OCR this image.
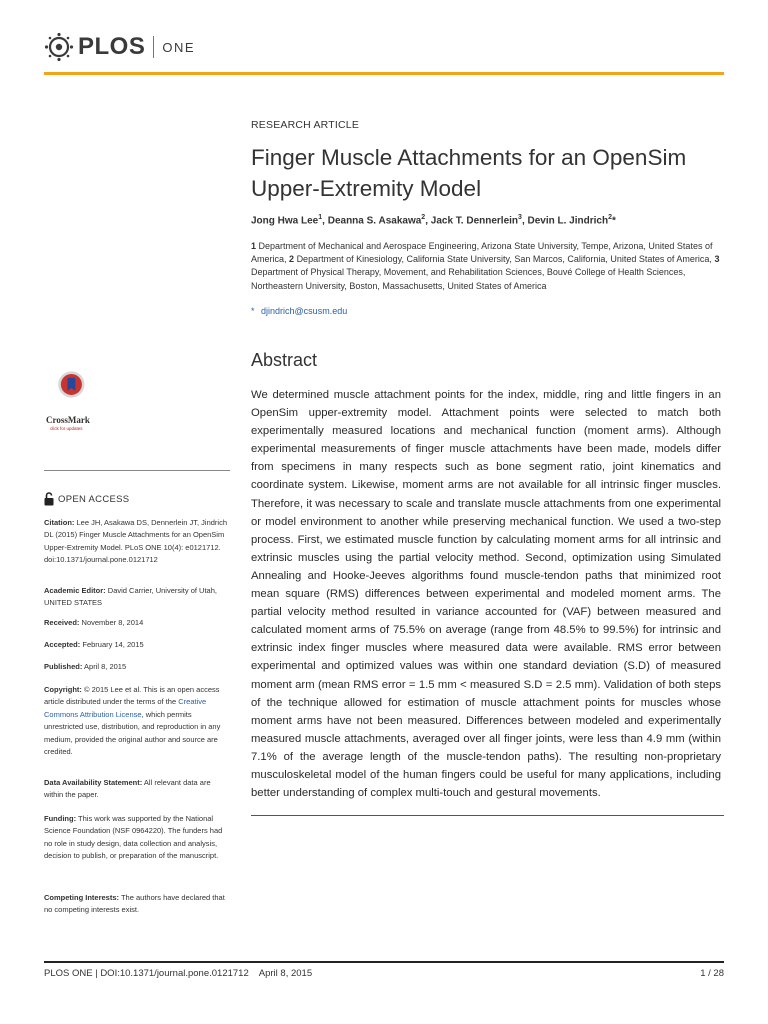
PLOS ONE
CrossMark
click for updates
OPEN ACCESS
Citation: Lee JH, Asakawa DS, Dennerlein JT, Jindrich DL (2015) Finger Muscle Attachments for an OpenSim Upper-Extremity Model. PLoS ONE 10(4): e0121712. doi:10.1371/journal.pone.0121712
Academic Editor: David Carrier, University of Utah, UNITED STATES
Received: November 8, 2014
Accepted: February 14, 2015
Published: April 8, 2015
Copyright: © 2015 Lee et al. This is an open access article distributed under the terms of the Creative Commons Attribution License, which permits unrestricted use, distribution, and reproduction in any medium, provided the original author and source are credited.
Data Availability Statement: All relevant data are within the paper.
Funding: This work was supported by the National Science Foundation (NSF 0964220). The funders had no role in study design, data collection and analysis, decision to publish, or preparation of the manuscript.
Competing Interests: The authors have declared that no competing interests exist.
RESEARCH ARTICLE
Finger Muscle Attachments for an OpenSim
Upper-Extremity Model
Jong Hwa Lee$^1$, Deanna S. Asakawa$^2$, Jack T. Dennerlein$^3$, Devin L. Jindrich$^2$*
1 Department of Mechanical and Aerospace Engineering, Arizona State University, Tempe, Arizona, United States of America, 2 Department of Kinesiology, California State University, San Marcos, California, United States of America, 3 Department of Physical Therapy, Movement, and Rehabilitation Sciences, Bouvé College of Health Sciences, Northeastern University, Boston, Massachusetts, United States of America
* djindrich@csusm.edu
Abstract

We determined muscle attachment points for the index, middle, ring and little fingers in an OpenSim upper-extremity model. Attachment points were selected to match both experimentally measured locations and mechanical function (moment arms). Although experimental measurements of finger muscle attachments have been made, models differ from specimens in many respects such as bone segment ratio, joint kinematics and coordinate system. Likewise, moment arms are not available for all intrinsic finger muscles. Therefore, it was necessary to scale and translate muscle attachments from one experimental or model environment to another while preserving mechanical function. We used a two-step process. First, we estimated muscle function by calculating moment arms for all intrinsic and extrinsic muscles using the partial velocity method. Second, optimization using Simulated Annealing and Hooke-Jeeves algorithms found muscle-tendon paths that minimized root mean square (RMS) differences between experimental and modeled moment arms. The partial velocity method resulted in variance accounted for (VAF) between measured and calculated moment arms of 75.5% on average (range from 48.5% to 99.5%) for intrinsic and extrinsic index finger muscles where measured data were available. RMS error between experimental and optimized values was within one standard deviation (S.D) of measured moment arm (mean RMS error = 1.5 mm < measured S.D = 2.5 mm). Validation of both steps of the technique allowed for estimation of muscle attachment points for muscles whose moment arms have not been measured. Differences between modeled and experimentally measured muscle attachments, averaged over all finger joints, were less than 4.9 mm (within 7.1% of the average length of the muscle-tendon paths). The resulting non-proprietary musculoskeletal model of the human fingers could be useful for many applications, including better understanding of complex multi-touch and gestural movements.

PLOS ONE | DOI:10.1371/journal.pone.0121712    April 8, 2015	1 / 28
